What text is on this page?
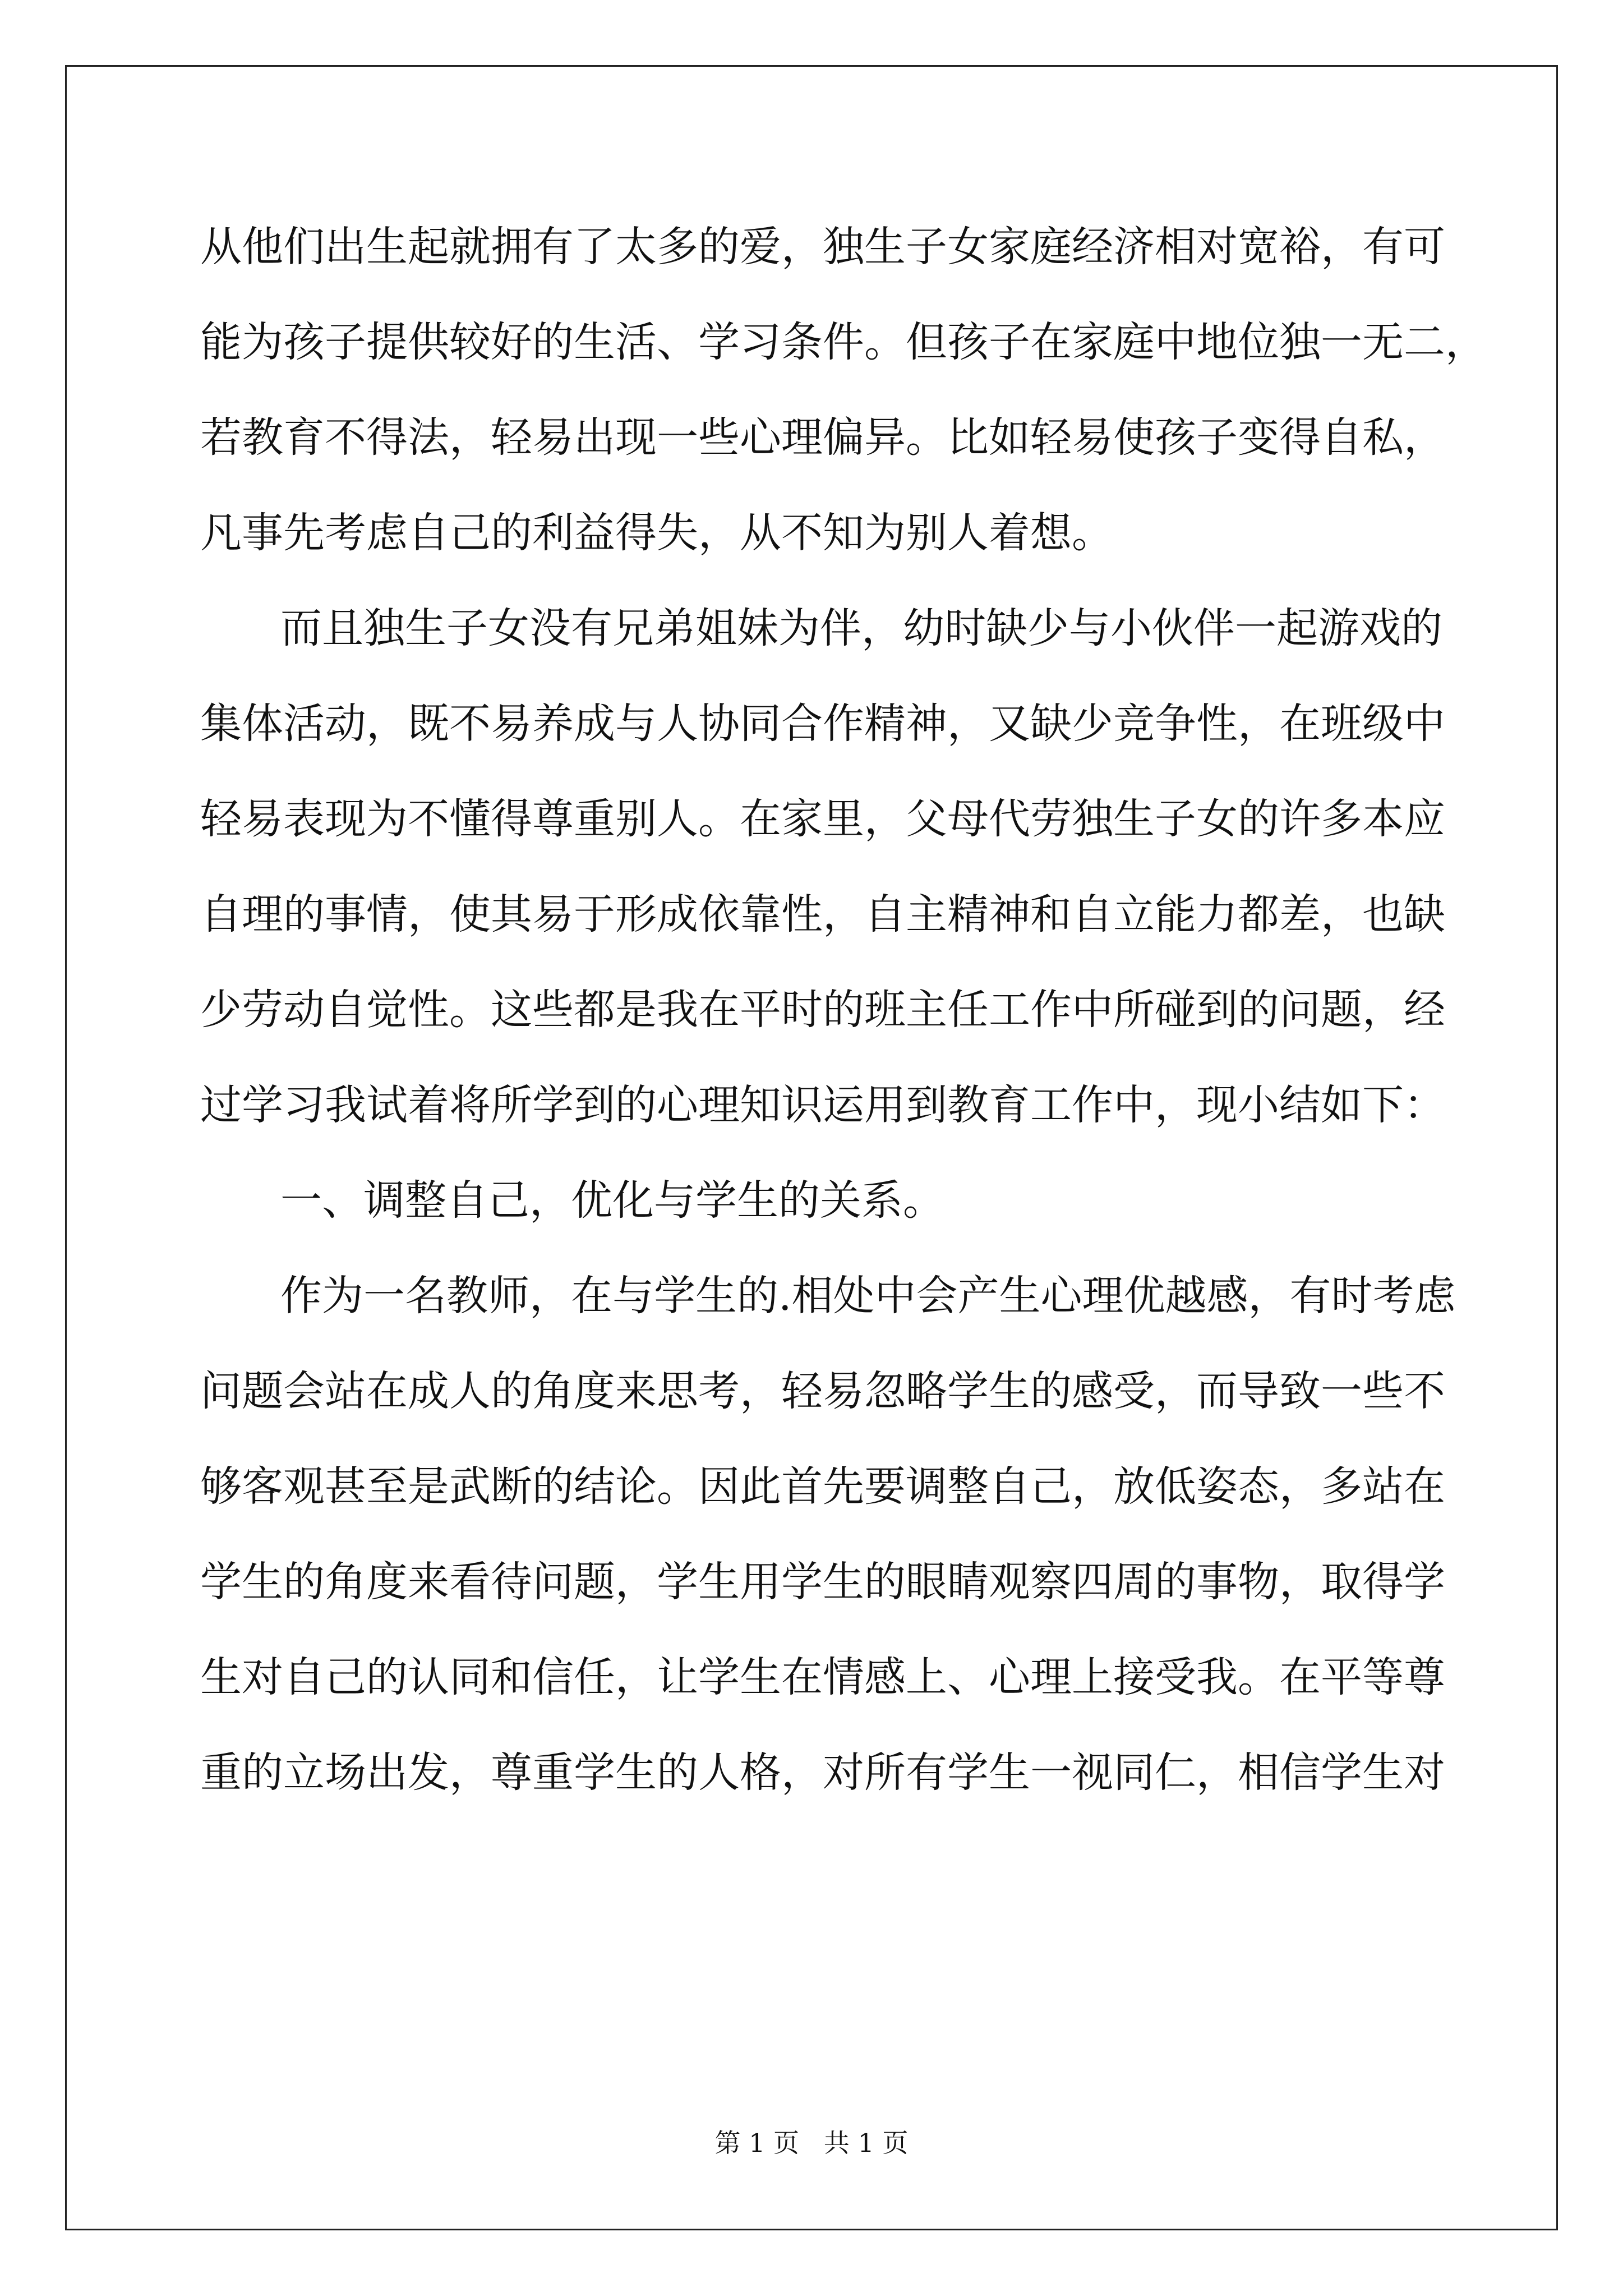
从他们出生起就拥有了太多的爱，独生子女家庭经济相对宽裕，有可
能为孩子提供较好的生活、学习条件。但孩子在家庭中地位独一无二，
若教育不得法，轻易出现一些心理偏异。比如轻易使孩子变得自私，
凡事先考虑自己的利益得失，从不知为别人着想。
而且独生子女没有兄弟姐妹为伴，幼时缺少与小伙伴一起游戏的
集体活动，既不易养成与人协同合作精神，又缺少竞争性，在班级中
轻易表现为不懂得尊重别人。在家里，父母代劳独生子女的许多本应
自理的事情，使其易于形成依靠性，自主精神和自立能力都差，也缺
少劳动自觉性。这些都是我在平时的班主任工作中所碰到的问题，经
过学习我试着将所学到的心理知识运用到教育工作中，现小结如下：
一、调整自己，优化与学生的关系。
作为一名教师，在与学生的.相处中会产生心理优越感，有时考虑
问题会站在成人的角度来思考，轻易忽略学生的感受，而导致一些不
够客观甚至是武断的结论。因此首先要调整自己，放低姿态，多站在
学生的角度来看待问题，学生用学生的眼睛观察四周的事物，取得学
生对自己的认同和信任，让学生在情感上、心理上接受我。在平等尊
重的立场出发，尊重学生的人格，对所有学生一视同仁，相信学生对
第 1 页   共 1 页
